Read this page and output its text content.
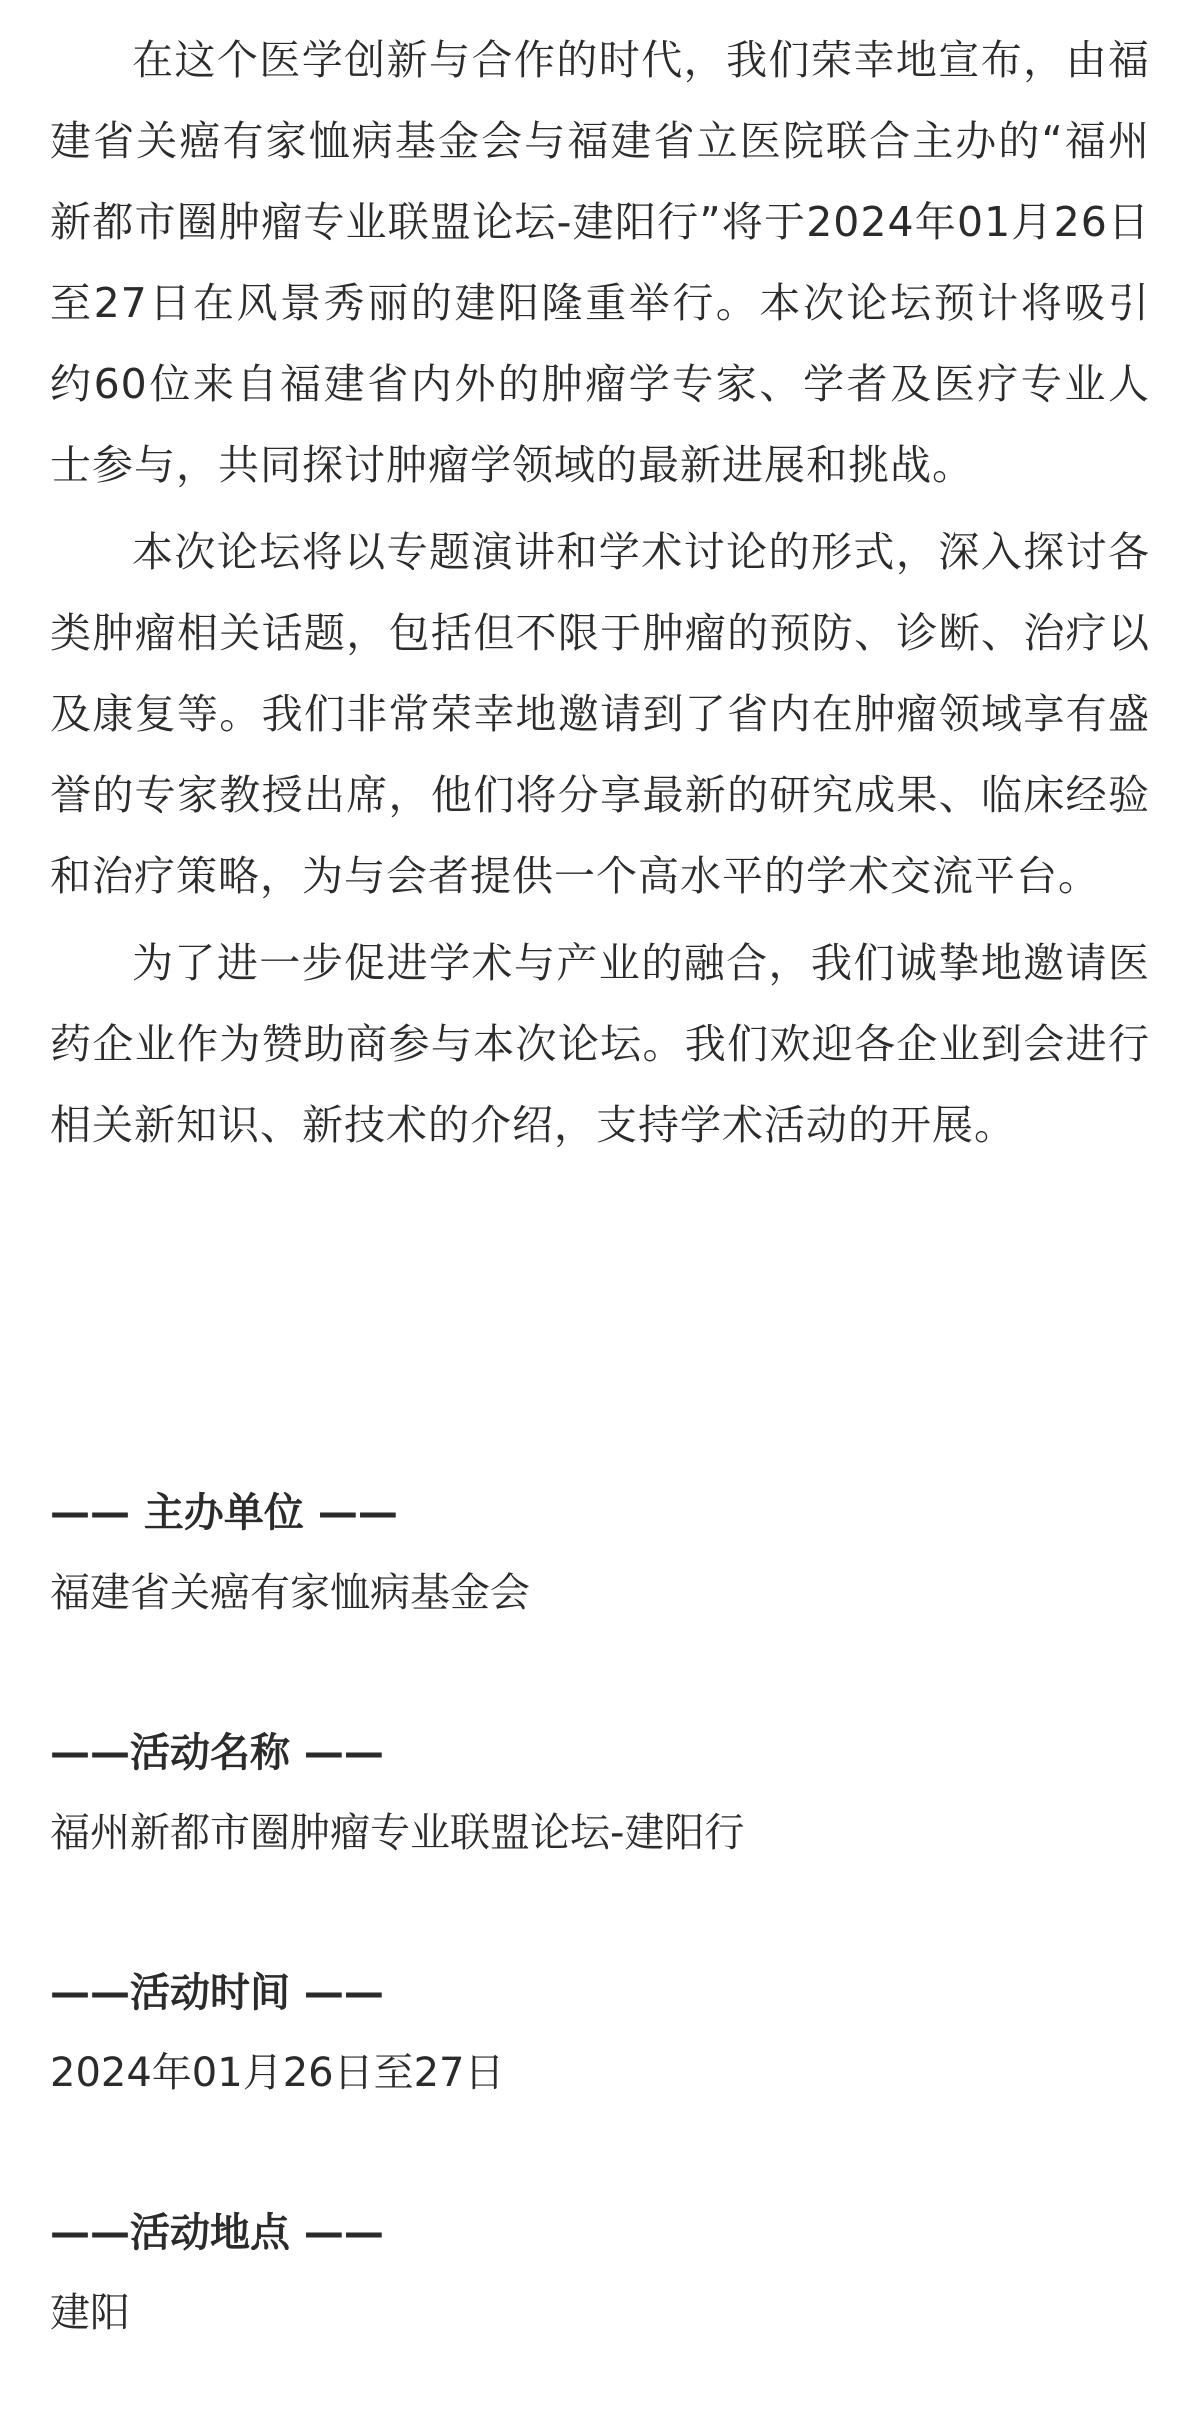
在这个医学创新与合作的时代，我们荣幸地宣布，由福建省关癌有家恤病基金会与福建省立医院联合主办的“福州新都市圈肿瘤专业联盟论坛-建阳行”将于2024年01月26日至27日在风景秀丽的建阳隆重举行。本次论坛预计将吸引约60位来自福建省内外的肿瘤学专家、学者及医疗专业人士参与，共同探讨肿瘤学领域的最新进展和挑战。

本次论坛将以专题演讲和学术讨论的形式，深入探讨各类肿瘤相关话题，包括但不限于肿瘤的预防、诊断、治疗以及康复等。我们非常荣幸地邀请到了省内在肿瘤领域享有盛誉的专家教授出席，他们将分享最新的研究成果、临床经验和治疗策略，为与会者提供一个高水平的学术交流平台。

为了进一步促进学术与产业的融合，我们诚挚地邀请医药企业作为赞助商参与本次论坛。我们欢迎各企业到会进行相关新知识、新技术的介绍，支持学术活动的开展。

—— 主办单位 ——

福建省关癌有家恤病基金会

——活动名称 ——

福州新都市圈肿瘤专业联盟论坛-建阳行

——活动时间 ——

2024年01月26日至27日

——活动地点 ——

建阳
